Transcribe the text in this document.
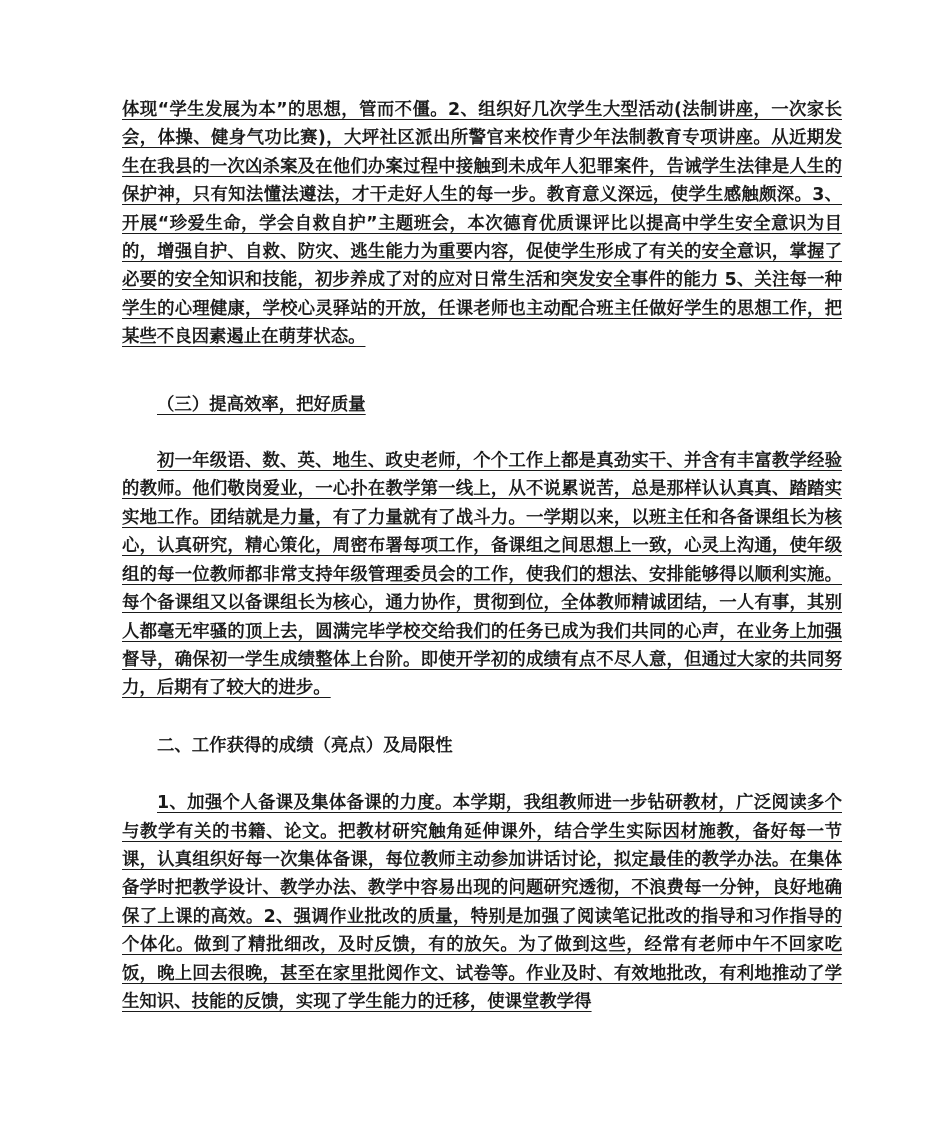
体现“学生发展为本”的思想，管而不僵。2、组织好几次学生大型活动(法制讲座，一次家长会，体操、健身气功比赛)，大坪社区派出所警官来校作青少年法制教育专项讲座。从近期发生在我县的一次凶杀案及在他们办案过程中接触到未成年人犯罪案件，告诫学生法律是人生的保护神，只有知法懂法遵法，才干走好人生的每一步。教育意义深远，使学生感触颇深。3、开展“珍爱生命，学会自救自护”主题班会，本次德育优质课评比以提高中学生安全意识为目的，增强自护、自救、防灾、逃生能力为重要内容，促使学生形成了有关的安全意识，掌握了必要的安全知识和技能，初步养成了对的应对日常生活和突发安全事件的能力 5、关注每一种学生的心理健康，学校心灵驿站的开放，任课老师也主动配合班主任做好学生的思想工作，把某些不良因素遏止在萌芽状态。

（三）提高效率，把好质量

初一年级语、数、英、地生、政史老师，个个工作上都是真劲实干、并含有丰富教学经验的教师。他们敬岗爱业，一心扑在教学第一线上，从不说累说苦，总是那样认认真真、踏踏实实地工作。团结就是力量，有了力量就有了战斗力。一学期以来，以班主任和各备课组长为核心，认真研究，精心策化，周密布署每项工作，备课组之间思想上一致，心灵上沟通，使年级组的每一位教师都非常支持年级管理委员会的工作，使我们的想法、安排能够得以顺利实施。每个备课组又以备课组长为核心，通力协作，贯彻到位，全体教师精诚团结，一人有事，其别人都毫无牢骚的顶上去，圆满完毕学校交给我们的任务已成为我们共同的心声，在业务上加强督导，确保初一学生成绩整体上台阶。即使开学初的成绩有点不尽人意，但通过大家的共同努力，后期有了较大的进步。

二、工作获得的成绩（亮点）及局限性

1、加强个人备课及集体备课的力度。本学期，我组教师进一步钻研教材，广泛阅读多个与教学有关的书籍、论文。把教材研究触角延伸课外，结合学生实际因材施教，备好每一节课，认真组织好每一次集体备课，每位教师主动参加讲话讨论，拟定最佳的教学办法。在集体备学时把教学设计、教学办法、教学中容易出现的问题研究透彻，不浪费每一分钟，良好地确保了上课的高效。2、强调作业批改的质量，特别是加强了阅读笔记批改的指导和习作指导的个体化。做到了精批细改，及时反馈，有的放矢。为了做到这些，经常有老师中午不回家吃饭，晚上回去很晚，甚至在家里批阅作文、试卷等。作业及时、有效地批改，有利地推动了学生知识、技能的反馈，实现了学生能力的迁移，使课堂教学得
